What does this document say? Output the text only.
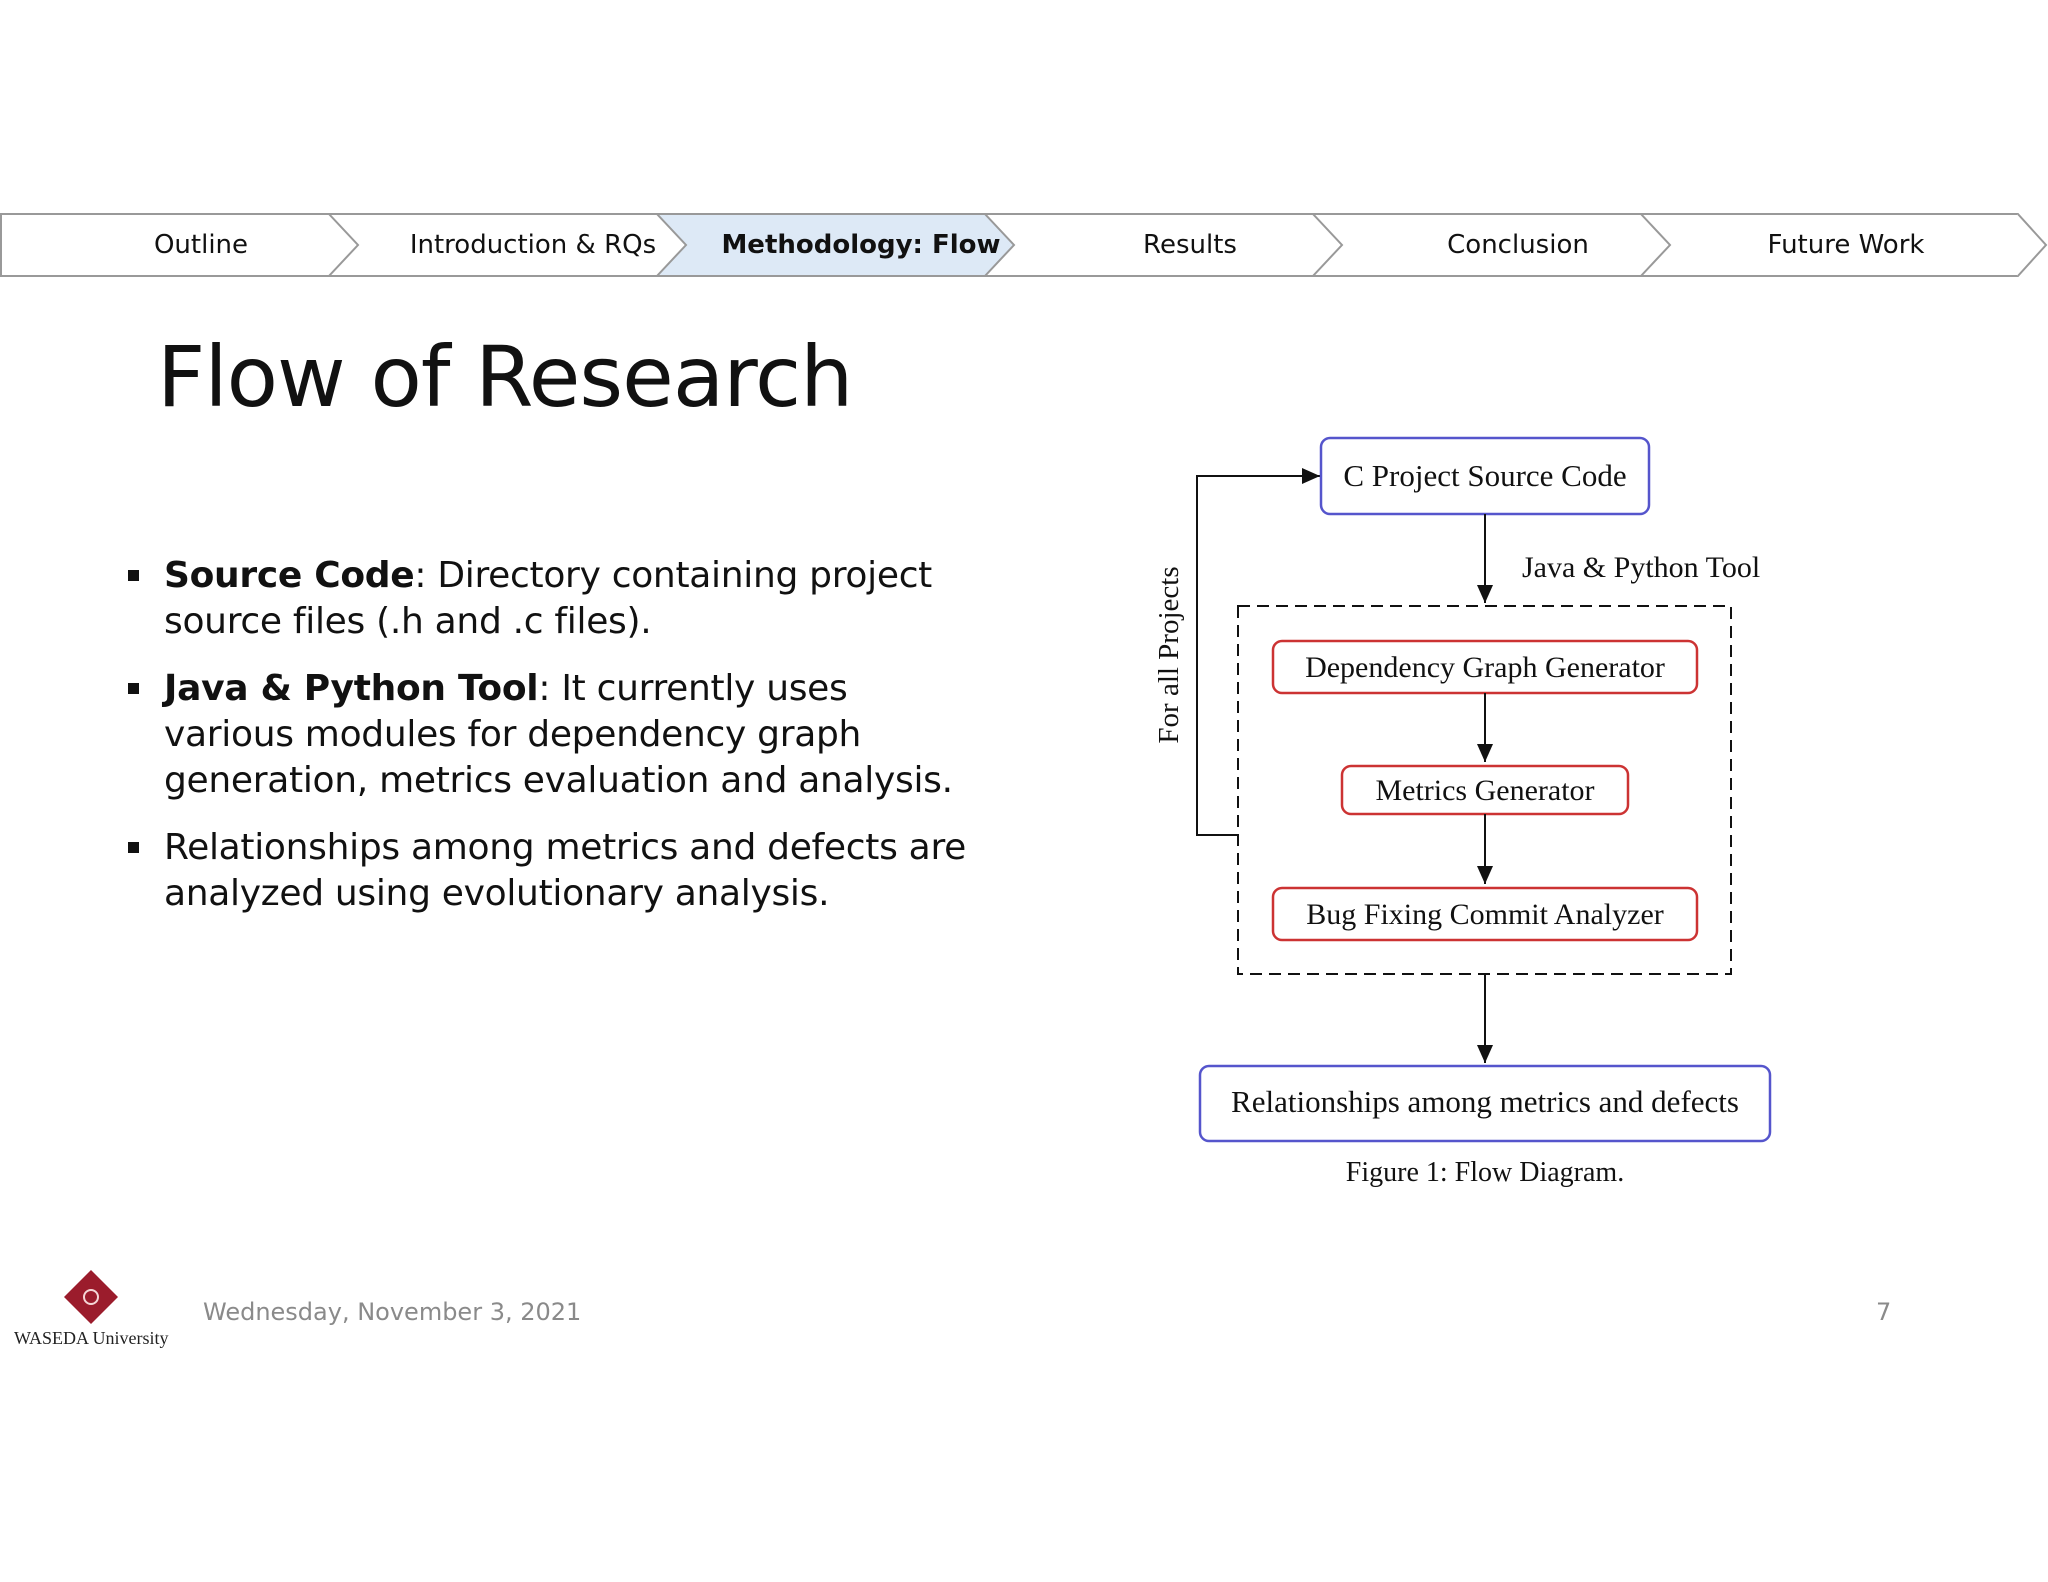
Outline	Introduction & RQs	Methodology: Flow	Results	Conclusion	Future Work
Flow of Research
Source Code: Directory containing project source files (.h and .c files).
Java & Python Tool: It currently uses various modules for dependency graph generation, metrics evaluation and analysis.
Relationships among metrics and defects are analyzed using evolutionary analysis.
For all Projects
C Project Source Code
Java & Python Tool
Dependency Graph Generator
Metrics Generator
Bug Fixing Commit Analyzer
Relationships among metrics and defects
Figure 1: Flow Diagram.
WASEDA University
Wednesday, November 3, 2021	7
